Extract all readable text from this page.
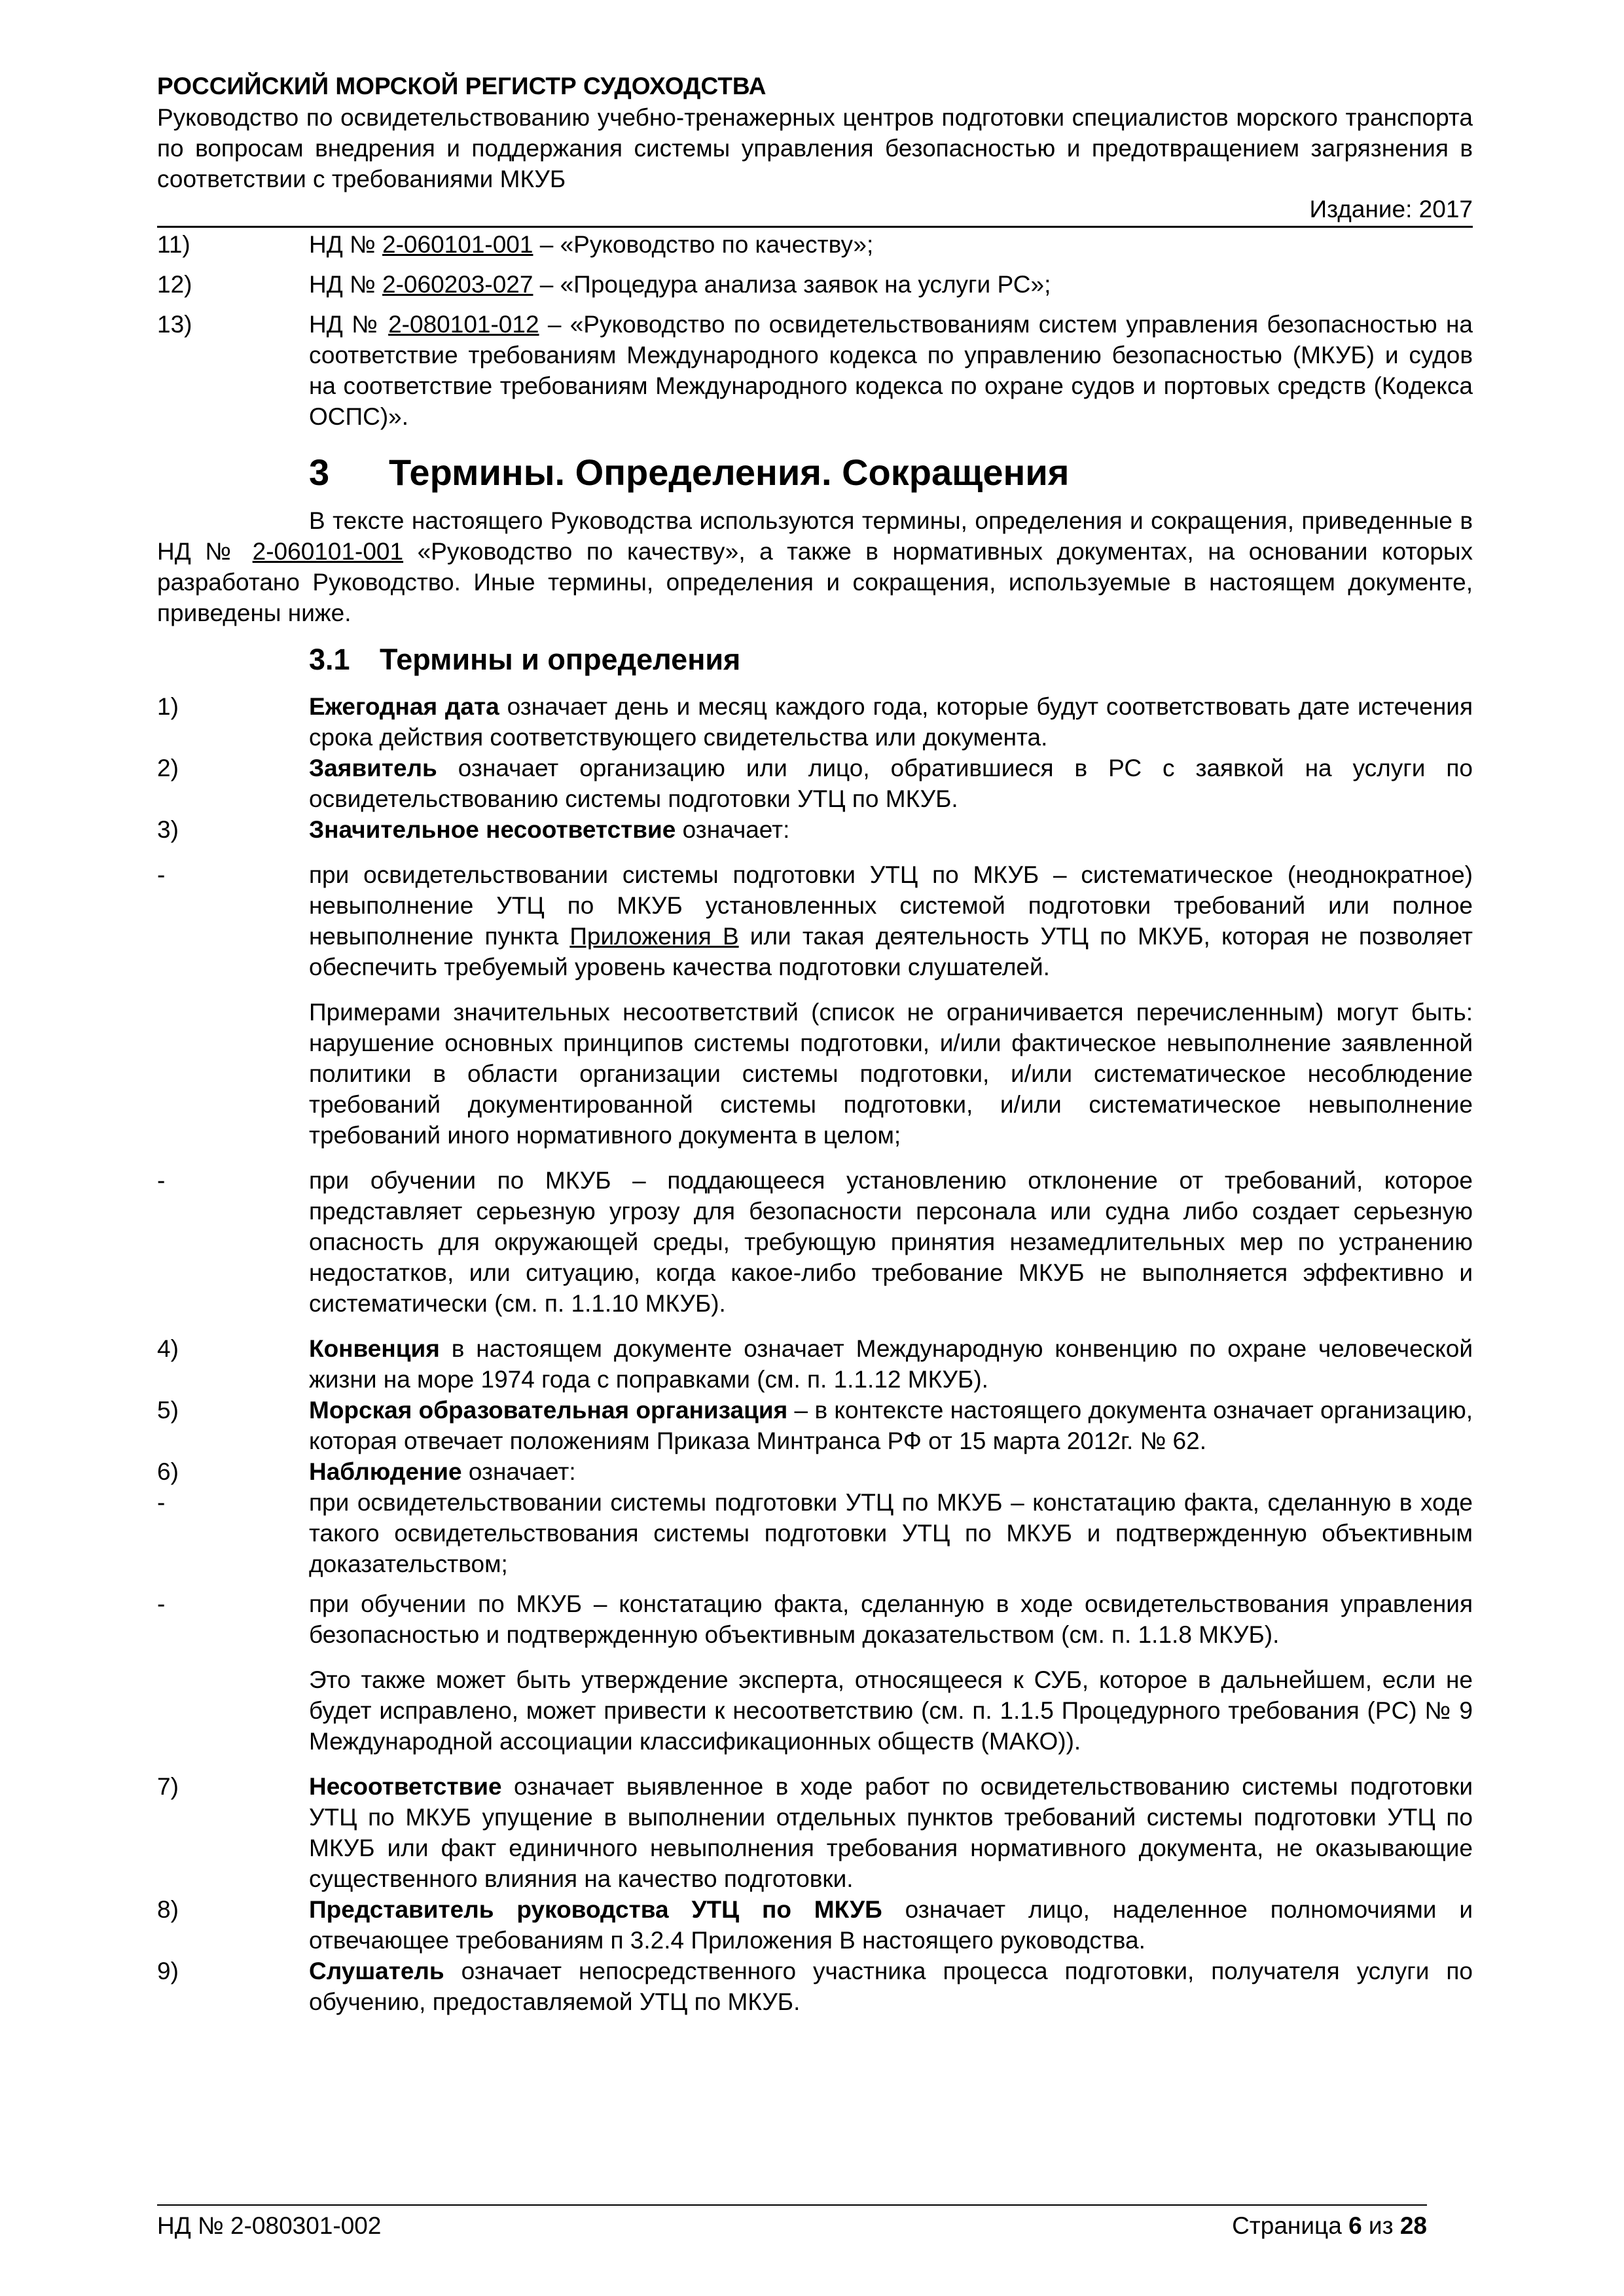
РОССИЙСКИЙ МОРСКОЙ РЕГИСТР СУДОХОДСТВА
Руководство по освидетельствованию учебно-тренажерных центров подготовки специалистов морского транспорта по вопросам внедрения и поддержания системы управления безопасностью и предотвращением загрязнения в соответствии с требованиями МКУБ
Издание: 2017
11)	НД № 2-060101-001 – «Руководство по качеству»;
12)	НД № 2-060203-027 – «Процедура анализа заявок на услуги РС»;
13)	НД № 2-080101-012 – «Руководство по освидетельствованиям систем управления безопасностью на соответствие требованиям Международного кодекса по управлению безопасностью (МКУБ) и судов на соответствие требованиям Международного кодекса по охране судов и портовых средств (Кодекса ОСПС)».
3	Термины. Определения. Сокращения
В тексте настоящего Руководства используются термины, определения и сокращения, приведенные в НД № 2-060101-001 «Руководство по качеству», а также в нормативных документах, на основании которых разработано Руководство. Иные термины, определения и сокращения, используемые в настоящем документе, приведены ниже.
3.1	Термины и определения
1)	Ежегодная дата означает день и месяц каждого года, которые будут соответствовать дате истечения срока действия соответствующего свидетельства или документа.
2)	Заявитель означает организацию или лицо, обратившиеся в РС с заявкой на услуги по освидетельствованию системы подготовки УТЦ по МКУБ.
3)	Значительное несоответствие означает:
-	при освидетельствовании системы подготовки УТЦ по МКУБ – систематическое (неоднократное) невыполнение УТЦ по МКУБ установленных системой подготовки требований или полное невыполнение пункта Приложения В или такая деятельность УТЦ по МКУБ, которая не позволяет обеспечить требуемый уровень качества подготовки слушателей.
Примерами значительных несоответствий (список не ограничивается перечисленным) могут быть: нарушение основных принципов системы подготовки, и/или фактическое невыполнение заявленной политики в области организации системы подготовки, и/или систематическое несоблюдение требований документированной системы подготовки, и/или систематическое невыполнение требований иного нормативного документа в целом;
-	при обучении по МКУБ – поддающееся установлению отклонение от требований, которое представляет серьезную угрозу для безопасности персонала или судна либо создает серьезную опасность для окружающей среды, требующую принятия незамедлительных мер по устранению недостатков, или ситуацию, когда какое-либо требование МКУБ не выполняется эффективно и систематически (см. п. 1.1.10 МКУБ).
4)	Конвенция в настоящем документе означает Международную конвенцию по охране человеческой жизни на море 1974 года с поправками (см. п. 1.1.12 МКУБ).
5)	Морская образовательная организация – в контексте настоящего документа означает организацию, которая отвечает положениям Приказа Минтранса РФ от 15 марта 2012г. № 62.
6)	Наблюдение означает:
-	при освидетельствовании системы подготовки УТЦ по МКУБ – констатацию факта, сделанную в ходе такого освидетельствования системы подготовки УТЦ по МКУБ и подтвержденную объективным доказательством;
-	при обучении по МКУБ – констатацию факта, сделанную в ходе освидетельствования управления безопасностью и подтвержденную объективным доказательством (см. п. 1.1.8 МКУБ).
Это также может быть утверждение эксперта, относящееся к СУБ, которое в дальнейшем, если не будет исправлено, может привести к несоответствию (см. п. 1.1.5 Процедурного требования (PC) № 9 Международной ассоциации классификационных обществ (МАКО)).
7)	Несоответствие означает выявленное в ходе работ по освидетельствованию системы подготовки УТЦ по МКУБ упущение в выполнении отдельных пунктов требований системы подготовки УТЦ по МКУБ или факт единичного невыполнения требования нормативного документа, не оказывающие существенного влияния на качество подготовки.
8)	Представитель руководства УТЦ по МКУБ означает лицо, наделенное полномочиями и отвечающее требованиям п 3.2.4 Приложения В настоящего руководства.
9)	Слушатель означает непосредственного участника процесса подготовки, получателя услуги по обучению, предоставляемой УТЦ по МКУБ.
НД № 2-080301-002	Страница 6 из 28
